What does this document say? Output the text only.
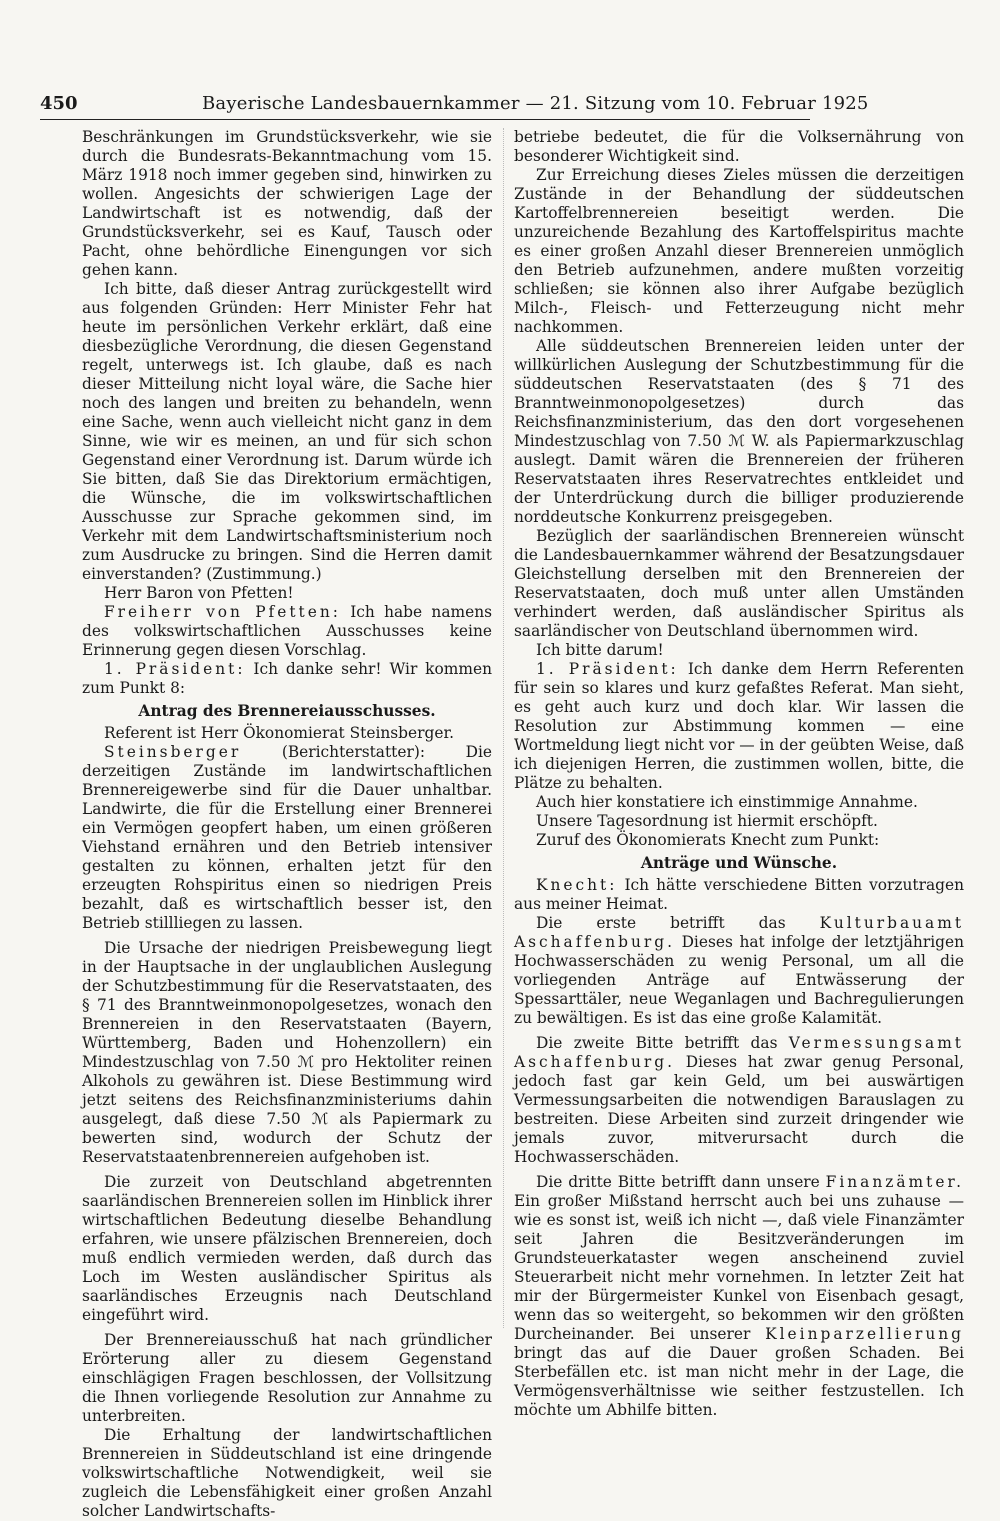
450	Bayerische Landesbauernkammer — 21. Sitzung vom 10. Februar 1925

Beschränkungen im Grundstücksverkehr, wie sie durch die Bundesrats-Bekanntmachung vom 15. März 1918 noch immer gegeben sind, hinwirken zu wollen. Angesichts der schwierigen Lage der Landwirtschaft ist es notwendig, daß der Grundstücksverkehr, sei es Kauf, Tausch oder Pacht, ohne behördliche Einengungen vor sich gehen kann.

Ich bitte, daß dieser Antrag zurückgestellt wird aus folgenden Gründen: Herr Minister Fehr hat heute im persönlichen Verkehr erklärt, daß eine diesbezügliche Verordnung, die diesen Gegenstand regelt, unterwegs ist. Ich glaube, daß es nach dieser Mitteilung nicht loyal wäre, die Sache hier noch des langen und breiten zu behandeln, wenn eine Sache, wenn auch vielleicht nicht ganz in dem Sinne, wie wir es meinen, an und für sich schon Gegenstand einer Verordnung ist. Darum würde ich Sie bitten, daß Sie das Direktorium ermächtigen, die Wünsche, die im volkswirtschaftlichen Ausschusse zur Sprache gekommen sind, im Verkehr mit dem Landwirtschaftsministerium noch zum Ausdrucke zu bringen. Sind die Herren damit einverstanden? (Zustimmung.)

Herr Baron von Pfetten!

Freiherr von Pfetten: Ich habe namens des volkswirtschaftlichen Ausschusses keine Erinnerung gegen diesen Vorschlag.

1. Präsident: Ich danke sehr! Wir kommen zum Punkt 8:

Antrag des Brennereiausschusses.

Referent ist Herr Ökonomierat Steinsberger.

Steinsberger (Berichterstatter): Die derzeitigen Zustände im landwirtschaftlichen Brennereigewerbe sind für die Dauer unhaltbar. Landwirte, die für die Erstellung einer Brennerei ein Vermögen geopfert haben, um einen größeren Viehstand ernähren und den Betrieb intensiver gestalten zu können, erhalten jetzt für den erzeugten Rohspiritus einen so niedrigen Preis bezahlt, daß es wirtschaftlich besser ist, den Betrieb stillliegen zu lassen.

Die Ursache der niedrigen Preisbewegung liegt in der Hauptsache in der unglaublichen Auslegung der Schutzbestimmung für die Reservatstaaten, des § 71 des Branntweinmonopolgesetzes, wonach den Brennereien in den Reservatstaaten (Bayern, Württemberg, Baden und Hohenzollern) ein Mindestzuschlag von 7.50 ℳ pro Hektoliter reinen Alkohols zu gewähren ist. Diese Bestimmung wird jetzt seitens des Reichsfinanzministeriums dahin ausgelegt, daß diese 7.50 ℳ als Papiermark zu bewerten sind, wodurch der Schutz der Reservatstaatenbrennereien aufgehoben ist.

Die zurzeit von Deutschland abgetrennten saarländischen Brennereien sollen im Hinblick ihrer wirtschaftlichen Bedeutung dieselbe Behandlung erfahren, wie unsere pfälzischen Brennereien, doch muß endlich vermieden werden, daß durch das Loch im Westen ausländischer Spiritus als saarländisches Erzeugnis nach Deutschland eingeführt wird.

Der Brennereiausschuß hat nach gründlicher Erörterung aller zu diesem Gegenstand einschlägigen Fragen beschlossen, der Vollsitzung die Ihnen vorliegende Resolution zur Annahme zu unterbreiten.

Die Erhaltung der landwirtschaftlichen Brennereien in Süddeutschland ist eine dringende volkswirtschaftliche Notwendigkeit, weil sie zugleich die Lebensfähigkeit einer großen Anzahl solcher Landwirtschafts-

betriebe bedeutet, die für die Volksernährung von besonderer Wichtigkeit sind.

Zur Erreichung dieses Zieles müssen die derzeitigen Zustände in der Behandlung der süddeutschen Kartoffelbrennereien beseitigt werden. Die unzureichende Bezahlung des Kartoffelspiritus machte es einer großen Anzahl dieser Brennereien unmöglich den Betrieb aufzunehmen, andere mußten vorzeitig schließen; sie können also ihrer Aufgabe bezüglich Milch-, Fleisch- und Fetterzeugung nicht mehr nachkommen.

Alle süddeutschen Brennereien leiden unter der willkürlichen Auslegung der Schutzbestimmung für die süddeutschen Reservatstaaten (des § 71 des Branntweinmonopolgesetzes) durch das Reichsfinanzministerium, das den dort vorgesehenen Mindestzuschlag von 7.50 ℳ W. als Papiermarkzuschlag auslegt. Damit wären die Brennereien der früheren Reservatstaaten ihres Reservatrechtes entkleidet und der Unterdrückung durch die billiger produzierende norddeutsche Konkurrenz preisgegeben.

Bezüglich der saarländischen Brennereien wünscht die Landesbauernkammer während der Besatzungsdauer Gleichstellung derselben mit den Brennereien der Reservatstaaten, doch muß unter allen Umständen verhindert werden, daß ausländischer Spiritus als saarländischer von Deutschland übernommen wird.

Ich bitte darum!

1. Präsident: Ich danke dem Herrn Referenten für sein so klares und kurz gefaßtes Referat. Man sieht, es geht auch kurz und doch klar. Wir lassen die Resolution zur Abstimmung kommen — eine Wortmeldung liegt nicht vor — in der geübten Weise, daß ich diejenigen Herren, die zustimmen wollen, bitte, die Plätze zu behalten.

Auch hier konstatiere ich einstimmige Annahme.

Unsere Tagesordnung ist hiermit erschöpft.

Zuruf des Ökonomierats Knecht zum Punkt:

Anträge und Wünsche.

Knecht: Ich hätte verschiedene Bitten vorzutragen aus meiner Heimat.

Die erste betrifft das Kulturbauamt Aschaffenburg. Dieses hat infolge der letztjährigen Hochwasserschäden zu wenig Personal, um all die vorliegenden Anträge auf Entwässerung der Spessarttäler, neue Weganlagen und Bachregulierungen zu bewältigen. Es ist das eine große Kalamität.

Die zweite Bitte betrifft das Vermessungsamt Aschaffenburg. Dieses hat zwar genug Personal, jedoch fast gar kein Geld, um bei auswärtigen Vermessungsarbeiten die notwendigen Barauslagen zu bestreiten. Diese Arbeiten sind zurzeit dringender wie jemals zuvor, mitverursacht durch die Hochwasserschäden.

Die dritte Bitte betrifft dann unsere Finanzämter. Ein großer Mißstand herrscht auch bei uns zuhause — wie es sonst ist, weiß ich nicht —, daß viele Finanzämter seit Jahren die Besitzveränderungen im Grundsteuerkataster wegen anscheinend zuviel Steuerarbeit nicht mehr vornehmen. In letzter Zeit hat mir der Bürgermeister Kunkel von Eisenbach gesagt, wenn das so weitergeht, so bekommen wir den größten Durcheinander. Bei unserer Kleinparzellierung bringt das auf die Dauer großen Schaden. Bei Sterbefällen etc. ist man nicht mehr in der Lage, die Vermögensverhältnisse wie seither festzustellen. Ich möchte um Abhilfe bitten.
